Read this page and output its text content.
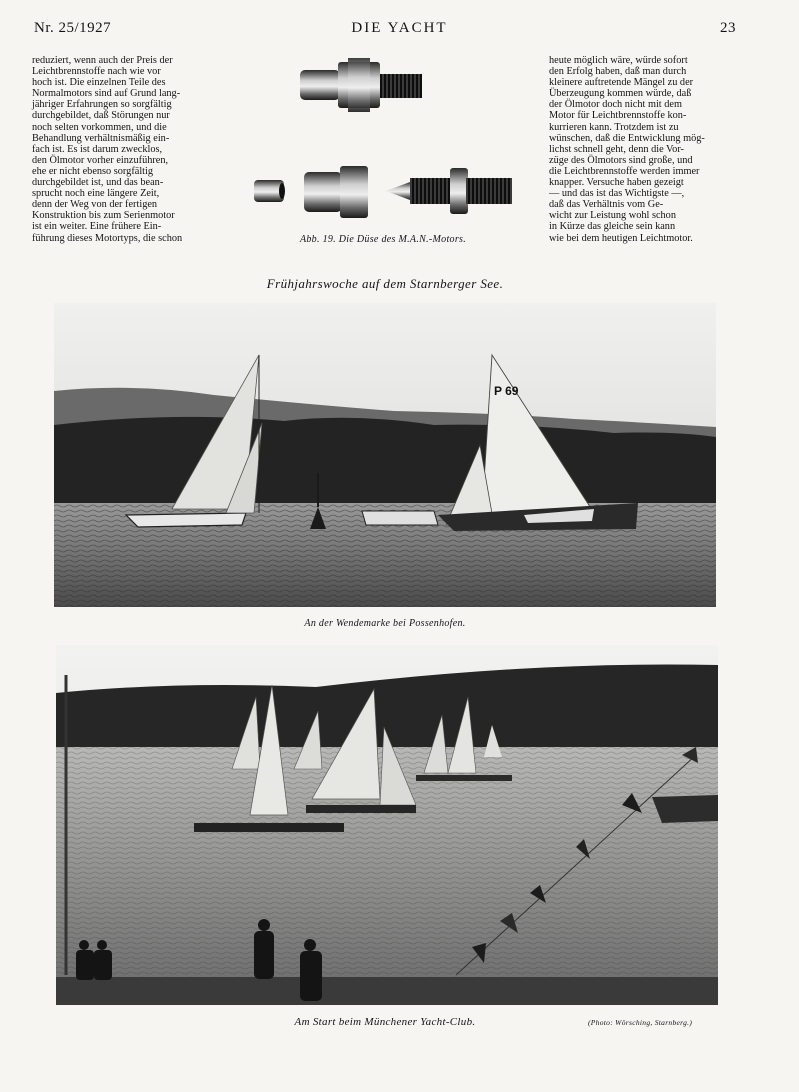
Nr. 25/1927	DIE YACHT	23

reduziert, wenn auch der Preis der

Leichtbrennstoffe nach wie vor

hoch ist. Die einzelnen Teile des

Normalmotors sind auf Grund lang-

jähriger Erfahrungen so sorgfältig

durchgebildet, daß Störungen nur

noch selten vorkommen, und die

Behandlung verhältnismäßig ein-

fach ist. Es ist darum zwecklos,

den Ölmotor vorher einzuführen,

ehe er nicht ebenso sorgfältig

durchgebildet ist, und das bean-

sprucht noch eine längere Zeit,

denn der Weg von der fertigen

Konstruktion bis zum Serienmotor

ist ein weiter. Eine frühere Ein-

führung dieses Motortyps, die schon

heute möglich wäre, würde sofort

den Erfolg haben, daß man durch

kleinere auftretende Mängel zu der

Überzeugung kommen würde, daß

der Ölmotor doch nicht mit dem

Motor für Leichtbrennstoffe kon-

kurrieren kann. Trotzdem ist zu

wünschen, daß die Entwicklung mög-

lichst schnell geht, denn die Vor-

züge des Ölmotors sind große, und

die Leichtbrennstoffe werden immer

knapper. Versuche haben gezeigt

— und das ist das Wichtigste —,

daß das Verhältnis vom Ge-

wicht zur Leistung wohl schon

in Kürze das gleiche sein kann

wie bei dem heutigen Leichtmotor.

Abb. 19. Die Düse des M.A.N.-Motors.
Frühjahrswoche auf dem Starnberger See.
P 69
An der Wendemarke bei Possenhofen.
Am Start beim Münchener Yacht-Club.	(Photo: Wörsching, Starnberg.)
